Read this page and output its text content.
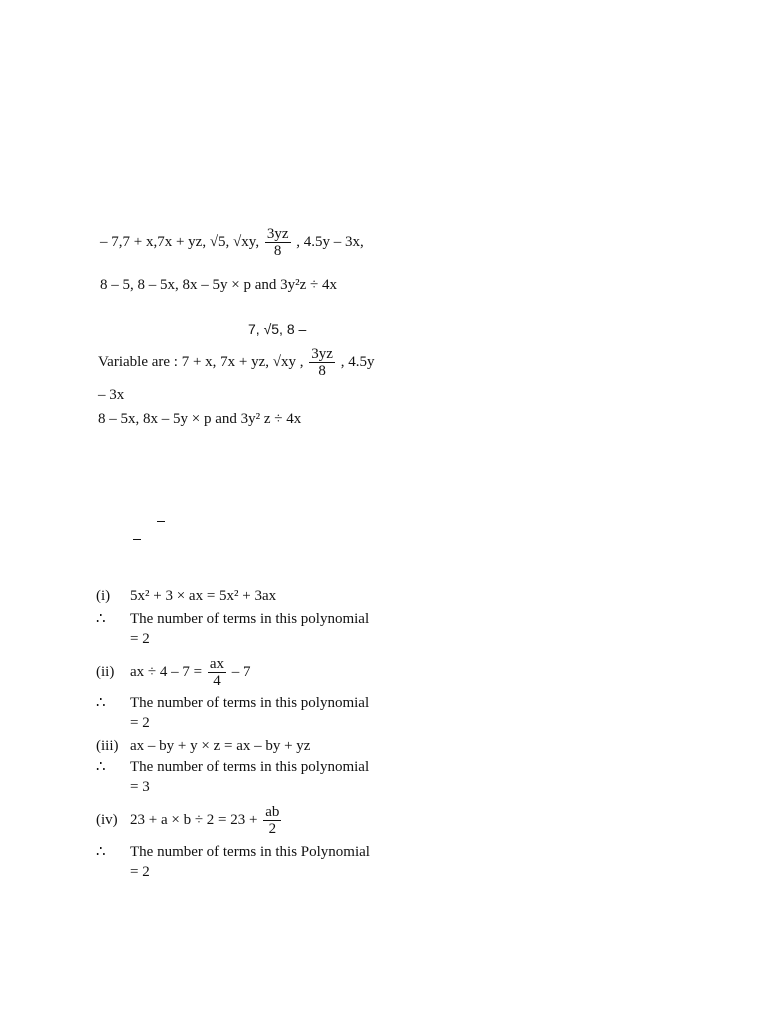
– 7,7 + x,7x + yz, √5, √xy, $\frac{3yz}{8}$ , 4.5y – 3x,
8 – 5, 8 – 5x, 8x – 5y × p and 3y²z ÷ 4x
7, √5, 8 –
Variable are : 7 + x, 7x + yz, √xy , $\frac{3yz}{8}$ , 4.5y
– 3x
8 – 5x, 8x – 5y × p and 3y² z ÷ 4x
(i) 5x² + 3 × ax = 5x² + 3ax
∴ The number of terms in this polynomial
= 2
(ii) ax ÷ $4 - 7 = \frac{ax}{4} - 7$
∴ The number of terms in this polynomial
= 2
(iii) ax – by + y × z = ax – by + yz
∴ The number of terms in this polynomial
= 3
(iv) $23 + a \times b \div 2 = 23 + \frac{ab}{2}$
∴ The number of terms in this Polynomial
= 2
